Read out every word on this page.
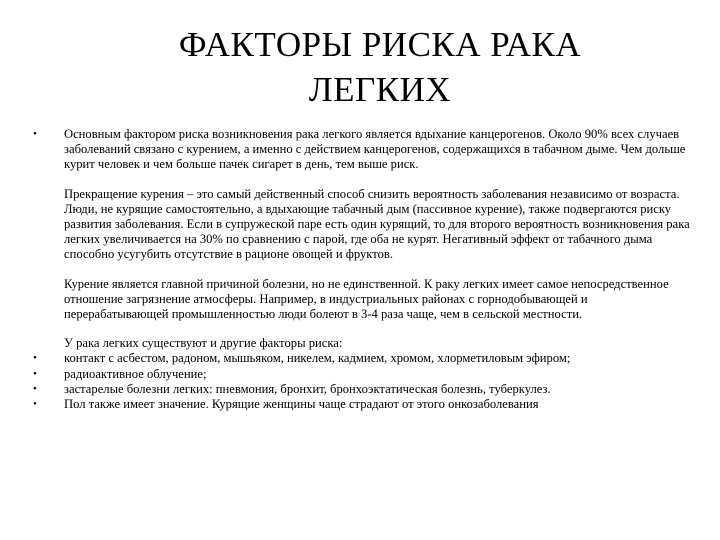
ФАКТОРЫ РИСКА РАКА
ЛЕГКИХ

• Основным фактором риска возникновения рака легкого является вдыхание канцерогенов. Около 90% всех случаев заболеваний связано с курением, а именно с действием канцерогенов, содержащихся в табачном дыме. Чем дольше курит человек и чем больше пачек сигарет в день, тем выше риск.

Прекращение курения – это самый действенный способ снизить вероятность заболевания независимо от возраста. Люди, не курящие самостоятельно, а вдыхающие табачный дым (пассивное курение), также подвергаются риску развития заболевания. Если в супружеской паре есть один курящий, то для второго вероятность возникновения рака легких увеличивается на 30% по сравнению с парой, где оба не курят. Негативный эффект от табачного дыма способно усугубить отсутствие в рационе овощей и фруктов.

Курение является главной причиной болезни, но не единственной. К раку легких имеет самое непосредственное отношение загрязнение атмосферы. Например, в индустриальных районах с горнодобывающей и перерабатывающей промышленностью люди болеют в 3-4 раза чаще, чем в сельской местности.

У рака легких существуют и другие факторы риска:

• контакт с асбестом, радоном, мышьяком, никелем, кадмием, хромом, хлорметиловым эфиром;
• радиоактивное облучение;
• застарелые болезни легких: пневмония, бронхит, бронхоэктатическая болезнь, туберкулез.
• Пол также имеет значение. Курящие женщины чаще страдают от этого онкозаболевания
